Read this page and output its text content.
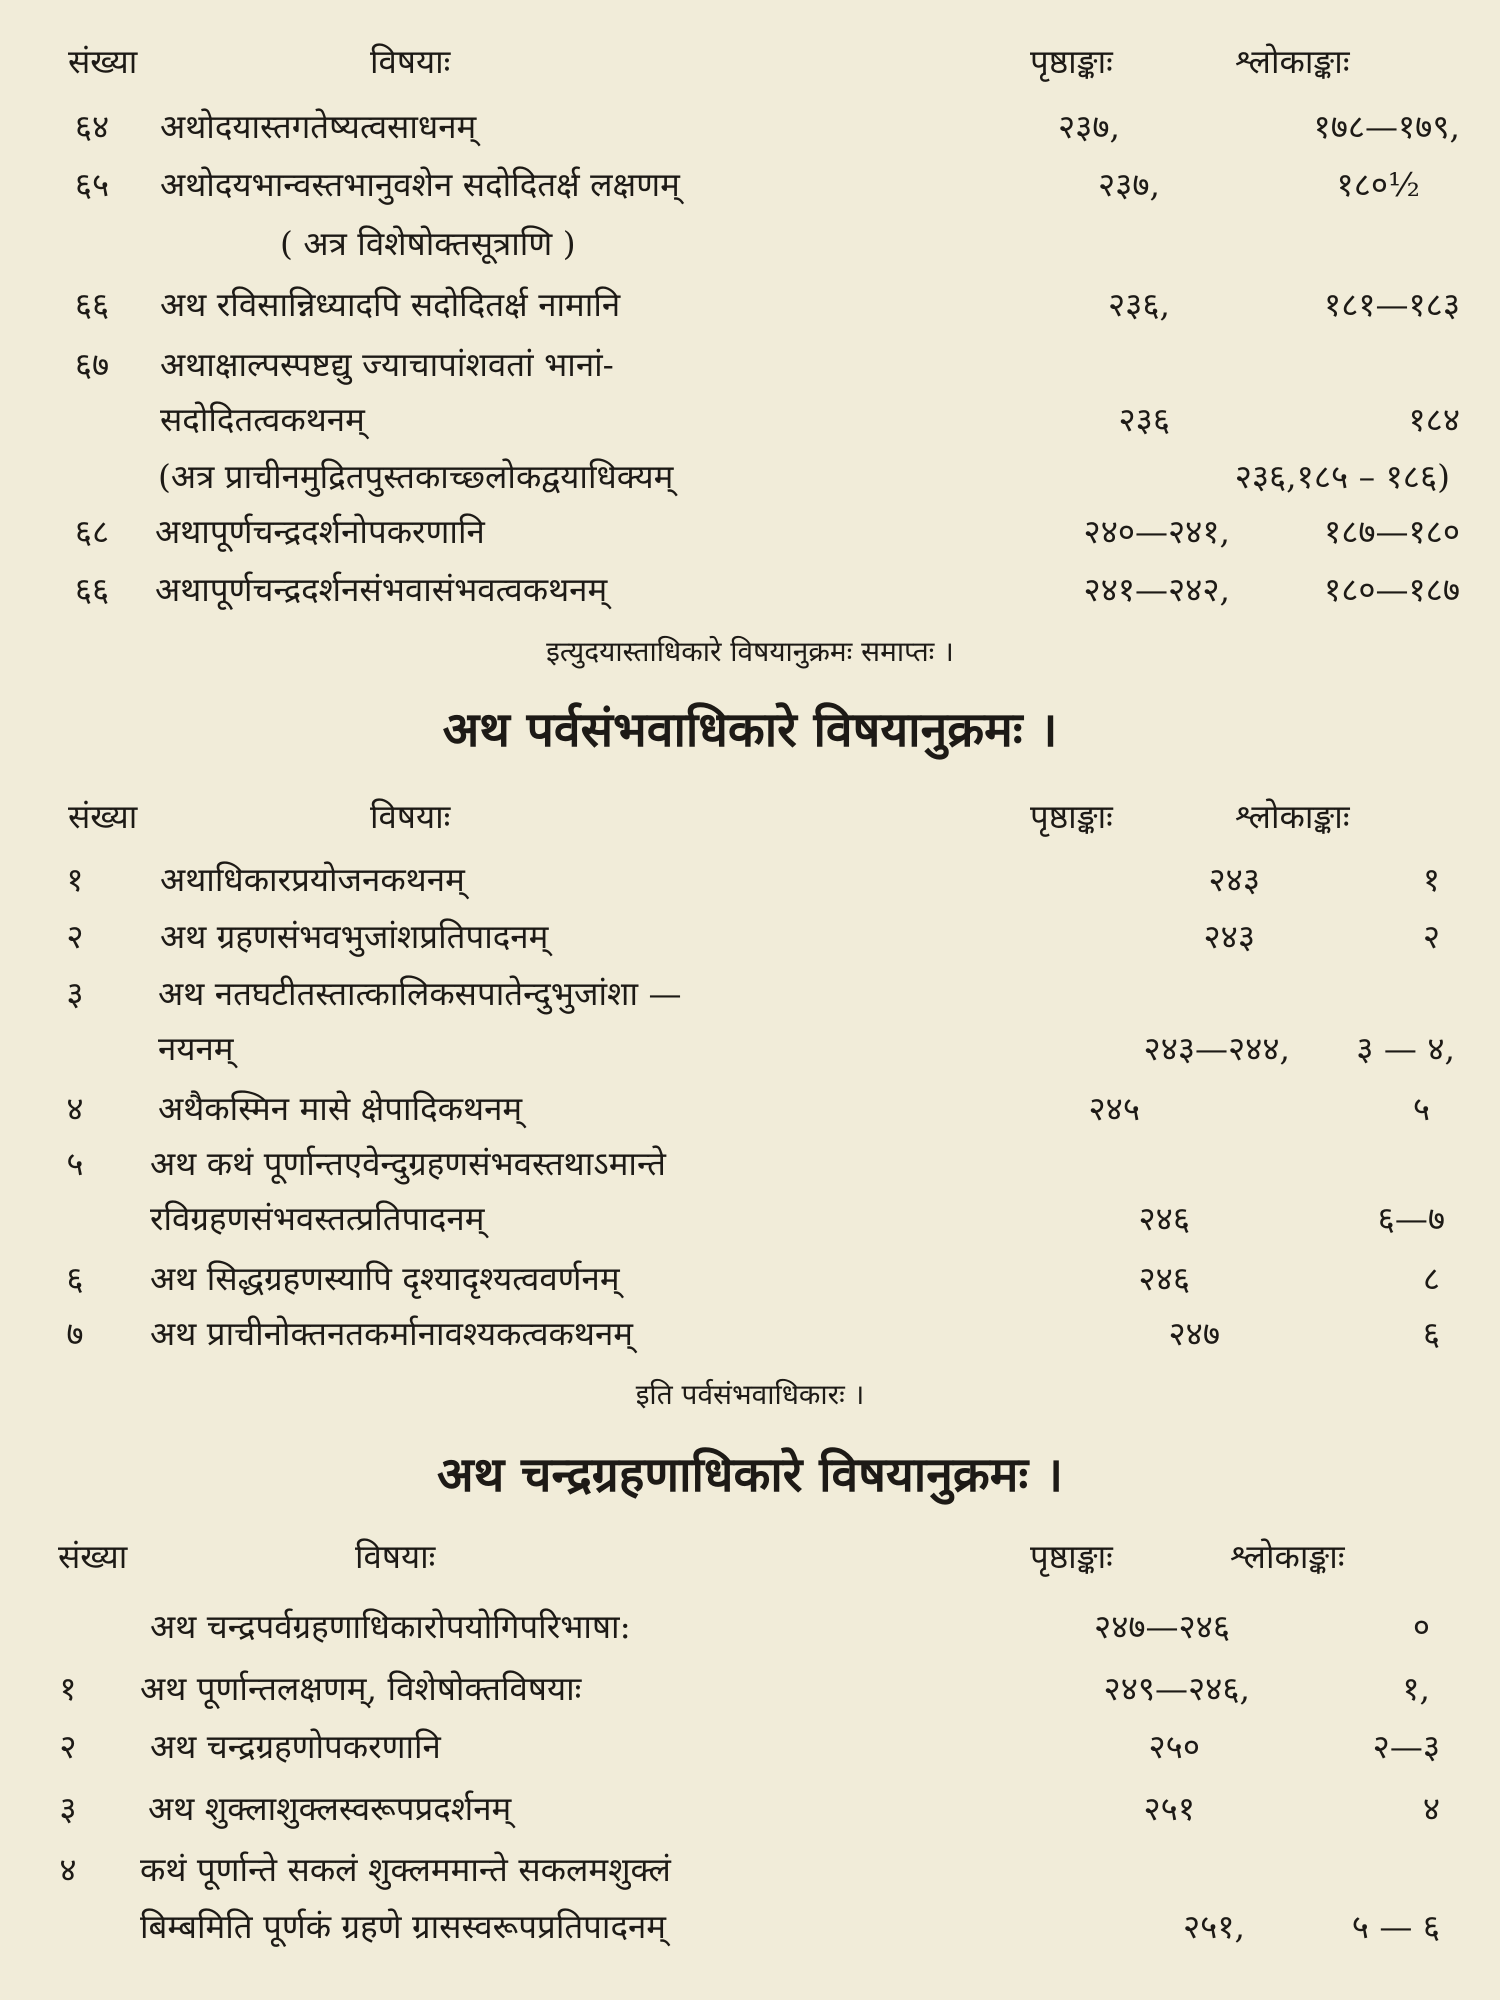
संख्या	विषयाः	पृष्ठाङ्काः	श्लोकाङ्काः
६४	अथोदयास्तगतेष्यत्वसाधनम्	२३७,	१७८—१७९,
६५	अथोदयभान्वस्तभानुवशेन सदोदितर्क्ष लक्षणम्	२३७,	१८०½
( अत्र विशेषोक्तसूत्राणि )
६६	अथ रविसान्निध्यादपि सदोदितर्क्ष नामानि	२३६,	१८१—१८३
६७	अथाक्षाल्पस्पष्टद्यु ज्याचापांशवतां भानां-
सदोदितत्वकथनम्	२३६	१८४
(अत्र प्राचीनमुद्रितपुस्तकाच्छ्लोकद्वयाधिक्यम्	२३६,१८५ – १८६)
६८	अथापूर्णचन्द्रदर्शनोपकरणानि	२४०—२४१,	१८७—१८०
६६	अथापूर्णचन्द्रदर्शनसंभवासंभवत्वकथनम्	२४१—२४२,	१८०—१८७
इत्युदयास्ताधिकारे विषयानुक्रमः समाप्तः ।
अथ पर्वसंभवाधिकारे विषयानुक्रमः ।
संख्या	विषयाः	पृष्ठाङ्काः	श्लोकाङ्काः
१	अथाधिकारप्रयोजनकथनम्	२४३	१
२	अथ ग्रहणसंभवभुजांशप्रतिपादनम्	२४३	२
३	अथ नतघटीतस्तात्कालिकसपातेन्दुभुजांशा —
नयनम्	२४३—२४४,	३ — ४,
४	अथैकस्मिन मासे क्षेपादिकथनम्	२४५	५
५	अथ कथं पूर्णान्तएवेन्दुग्रहणसंभवस्तथाऽमान्ते
रविग्रहणसंभवस्तत्प्रतिपादनम्	२४६	६—७
६	अथ सिद्धग्रहणस्यापि दृश्यादृश्यत्ववर्णनम्	२४६	८
७	अथ प्राचीनोक्तनतकर्मानावश्यकत्वकथनम्	२४७	६
इति पर्वसंभवाधिकारः ।
अथ चन्द्रग्रहणाधिकारे विषयानुक्रमः ।
संख्या	विषयाः	पृष्ठाङ्काः	श्लोकाङ्काः
अथ चन्द्रपर्वग्रहणाधिकारोपयोगिपरिभाषा:	२४७—२४६	०
१	अथ पूर्णान्तलक्षणम्, विशेषोक्तविषयाः	२४९—२४६,	१,
२	अथ चन्द्रग्रहणोपकरणानि	२५०	२—३
३	अथ शुक्लाशुक्लस्वरूपप्रदर्शनम्	२५१	४
४	कथं पूर्णान्ते सकलं शुक्लममान्ते सकलमशुक्लं
बिम्बमिति पूर्णकं ग्रहणे ग्रासस्वरूपप्रतिपादनम्	२५१,	५ — ६
